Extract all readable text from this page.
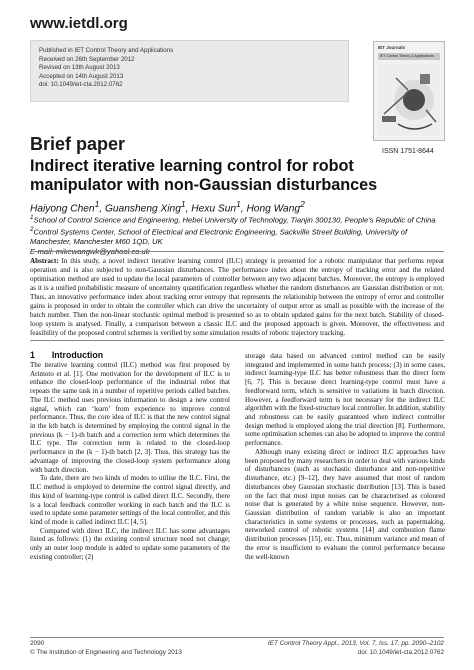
www.ietdl.org
Published in IET Control Theory and Applications
Received on 26th September 2012
Revised on 13th August 2013
Accepted on 14th August 2013
doi: 10.1049/iet-cta.2012.0762
IET Journals
IET Control Theory & Applications
ISSN 1751-8644
Brief paper
Indirect iterative learning control for robot manipulator with non-Gaussian disturbances
Haiyong Chen$^1$, Guansheng Xing$^1$, Hexu Sun$^1$, Hong Wang$^2$
$^1$School of Control Science and Engineering, Hebei University of Technology, Tianjin 300130, People’s Republic of China
$^2$Control Systems Center, School of Electrical and Electronic Engineering, Sackville Street Building, University of Manchester, Manchester M60 1QD, UK
E-mail: mikewangwk@yahool.co.uk
Abstract: In this study, a novel indirect iterative learning control (ILC) strategy is presented for a robotic manipulator that performs repeat operation and is also subjected to non-Gaussian disturbances. The performance index about the entropy of tracking error and the related optimisation method are used to update the local parameters of controller between any two adjacent batches. Moreover, the entropy is employed as it is a unified probabilistic measure of uncertainty quantification regardless whether the random disturbances are Gaussian distribution or not. Thus, an innovative performance index about tracking error entropy that represents the relationship between the entropy of error and controller gains is proposed in order to obtain the controller which can drive the uncertainty of output error as small as possible with the increase of the batch number. Then the non-linear stochastic optimal method is presented so as to obtain updated gains for the next batch. Stability of closed-loop system is analysed. Finally, a comparison between a classic ILC and the proposed approach is given. Moreover, the effectiveness and feasibility of the proposed control schemes is verified by some simulation results of robotic trajectory tracking.
1 Introduction

The iterative learning control (ILC) method was first proposed by Arimoto et al. [1]. One motivation for the development of ILC is to enhance the closed-loop performance of the industrial robot that repeats the same task in a number of repetitive periods called batches. The ILC method uses previous information to design a new control signal, which can ‘learn’ from experience to improve control performance. Thus, the core idea of ILC is that the new control signal in the kth batch is determined by employing the control signal in the previous (k − 1)-th batch and a correction term which determines the ILC type. The correction term is related to the closed-loop performance in the (k − 1)-th batch [2, 3]. Thus, this strategy has the advantage of improving the closed-loop system performance along with batch direction.

To date, there are two kinds of modes to utilise the ILC. First, the ILC method is employed to determine the control signal directly, and this kind of learning-type control is called direct ILC. Secondly, there is a local feedback controller working in each batch and the ILC is used to update some parameter settings of the local controller, and this kind of mode is called indirect ILC [4, 5].

Compared with direct ILC, the indirect ILC has some advantages listed as follows: (1) the existing control structure need not change; only an outer loop module is added to update some parameters of the existing controller; (2)

storage data based on advanced control method can be easily integrated and implemented in some batch process; (3) in some cases, indirect learning-type ILC has better robustness than the direct form [6, 7]. This is because direct learning-type control must have a feedforward term, which is sensitive to variations in batch direction. However, a feedforward term is not necessary for the indirect ILC algorithm with the fixed-structure local controller. In addition, stability and robustness can be easily guaranteed when indirect controller design method is employed along the trial direction [8]. Furthermore, some optimisation schemes can also be adopted to improve the control performance.

Although many existing direct or indirect ILC approaches have been proposed by many researchers in order to deal with various kinds of disturbances (such as stochastic disturbance and non-repetitive disturbance, etc.) [9–12], they have assumed that most of random disturbances obey Gaussian stochastic distribution [13]. This is based on the fact that most input noises can be characterised as coloured noise that is generated by a white noise sequence. However, non-Gaussian distribution of random variable is also an important characteristics in some systems or processes, such as papermaking, networked control of robotic systems [14] and combustion flame distribution processes [15], etc. Thus, minimum variance and mean of the error is insufficient to evaluate the control performance because the well-known

2090
© The Institution of Engineering and Technology 2013
IET Control Theory Appl., 2013, Vol. 7, Iss. 17, pp. 2090–2102
doi: 10.1049/iet-cta.2012.0762
